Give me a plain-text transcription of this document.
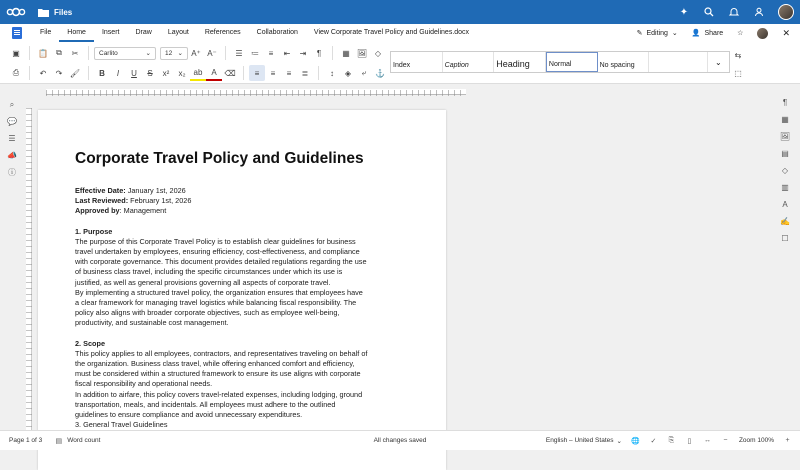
Files	✦
File	Home	Insert	Draw	Layout	References	Collaboration	View Corporate Travel Policy and Guidelines.docx	✎ Editing ⌄ 👤 Share ☆	✕
▣	📋	⧉	✂	Carlito	⌄ 12 ⌄	A⁺ A⁻	☰	≔	≡	⇤	⇥	¶	▦ 🖼 ◇
⎙	↶	↷ 🖌	B	I	U	S	x²	x₂	ab	A ⌫	≡	≡	≡	≣	↕	◈	⤶	⚓
Index	Caption	Heading	Normal	No spacing	⌄
⇆
⬚
⌕
💬
☰
📣
ⓘ
Corporate Travel Policy and Guidelines
Effective Date: January 1st, 2026
Last Reviewed: February 1st, 2026
Approved by: Management
1. Purpose
The purpose of this Corporate Travel Policy is to establish clear guidelines for business
travel undertaken by employees, ensuring efficiency, cost-effectiveness, and compliance
with corporate governance. This document provides detailed regulations regarding the use
of business class travel, including the specific circumstances under which its use is
justified, as well as general provisions governing all aspects of corporate travel.
By implementing a structured travel policy, the organization ensures that employees have
a clear framework for managing travel logistics while balancing fiscal responsibility. The
policy also aligns with broader corporate objectives, such as employee well-being,
productivity, and sustainable cost management.
2. Scope
This policy applies to all employees, contractors, and representatives traveling on behalf of
the organization. Business class travel, while offering enhanced comfort and efficiency,
must be considered within a structured framework to ensure its use aligns with corporate
fiscal responsibility and operational needs.
In addition to airfare, this policy covers travel-related expenses, including lodging, ground
transportation, meals, and incidentals. All employees must adhere to the outlined
guidelines to ensure compliance and avoid unnecessary expenditures.
3. General Travel Guidelines
¶
▦
🖼
▤
◇
▥
A
✍
☐
Page 1 of 3 ▤ Word count	All changes saved	English – United States ⌄ 🌐 ✓ ⎘	▯	↔	−	Zoom 100%	+
